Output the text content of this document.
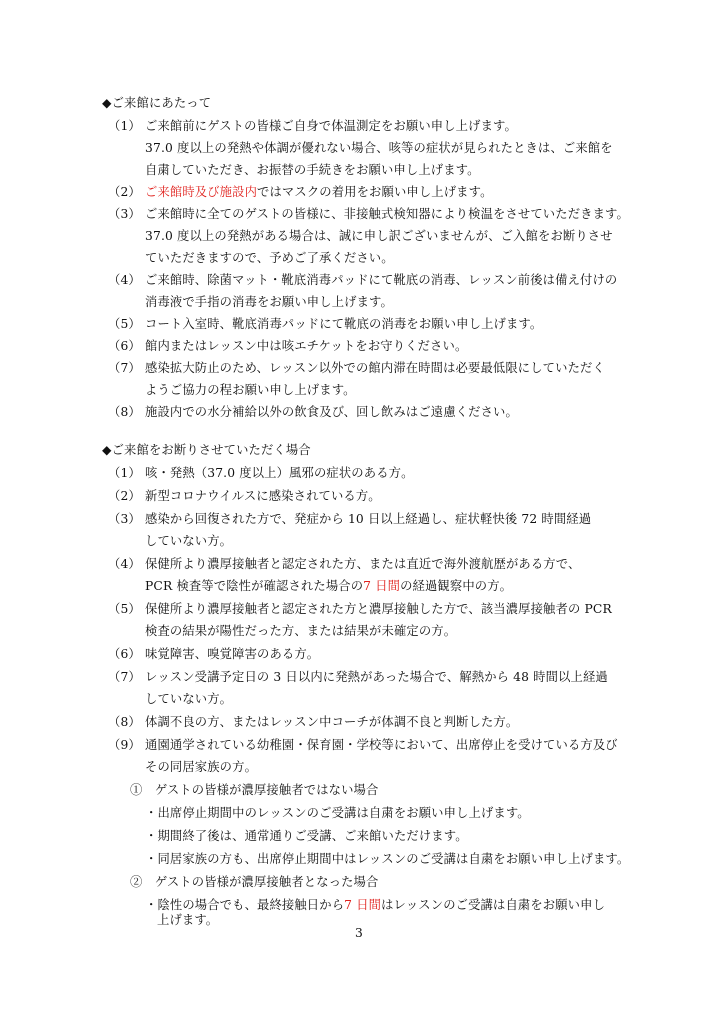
◆ご来館にあたって
（1） ご来館前にゲストの皆様ご自身で体温測定をお願い申し上げます。
37.0 度以上の発熱や体調が優れない場合、咳等の症状が見られたときは、ご来館を
自粛していただき、お振替の手続きをお願い申し上げます。
（2） ご来館時及び施設内ではマスクの着用をお願い申し上げます。
（3） ご来館時に全てのゲストの皆様に、非接触式検知器により検温をさせていただきます。
37.0 度以上の発熱がある場合は、誠に申し訳ございませんが、ご入館をお断りさせ
ていただきますので、予めご了承ください。
（4） ご来館時、除菌マット・靴底消毒パッドにて靴底の消毒、レッスン前後は備え付けの
消毒液で手指の消毒をお願い申し上げます。
（5） コート入室時、靴底消毒パッドにて靴底の消毒をお願い申し上げます。
（6） 館内またはレッスン中は咳エチケットをお守りください。
（7） 感染拡大防止のため、レッスン以外での館内滞在時間は必要最低限にしていただく
ようご協力の程お願い申し上げます。
（8） 施設内での水分補給以外の飲食及び、回し飲みはご遠慮ください。
◆ご来館をお断りさせていただく場合
（1） 咳・発熱（37.0 度以上）風邪の症状のある方。
（2） 新型コロナウイルスに感染されている方。
（3） 感染から回復された方で、発症から 10 日以上経過し、症状軽快後 72 時間経過
していない方。
（4） 保健所より濃厚接触者と認定された方、または直近で海外渡航歴がある方で、
PCR 検査等で陰性が確認された場合の7 日間の経過観察中の方。
（5） 保健所より濃厚接触者と認定された方と濃厚接触した方で、該当濃厚接触者の PCR
検査の結果が陽性だった方、または結果が未確定の方。
（6） 味覚障害、嗅覚障害のある方。
（7） レッスン受講予定日の 3 日以内に発熱があった場合で、解熱から 48 時間以上経過
していない方。
（8） 体調不良の方、またはレッスン中コーチが体調不良と判断した方。
（9） 通園通学されている幼稚園・保育園・学校等において、出席停止を受けている方及び
その同居家族の方。
①　ゲストの皆様が濃厚接触者ではない場合
・出席停止期間中のレッスンのご受講は自粛をお願い申し上げます。
・期間終了後は、通常通りご受講、ご来館いただけます。
・同居家族の方も、出席停止期間中はレッスンのご受講は自粛をお願い申し上げます。
②　ゲストの皆様が濃厚接触者となった場合
・陰性の場合でも、最終接触日から7 日間はレッスンのご受講は自粛をお願い申し
上げます。
3
